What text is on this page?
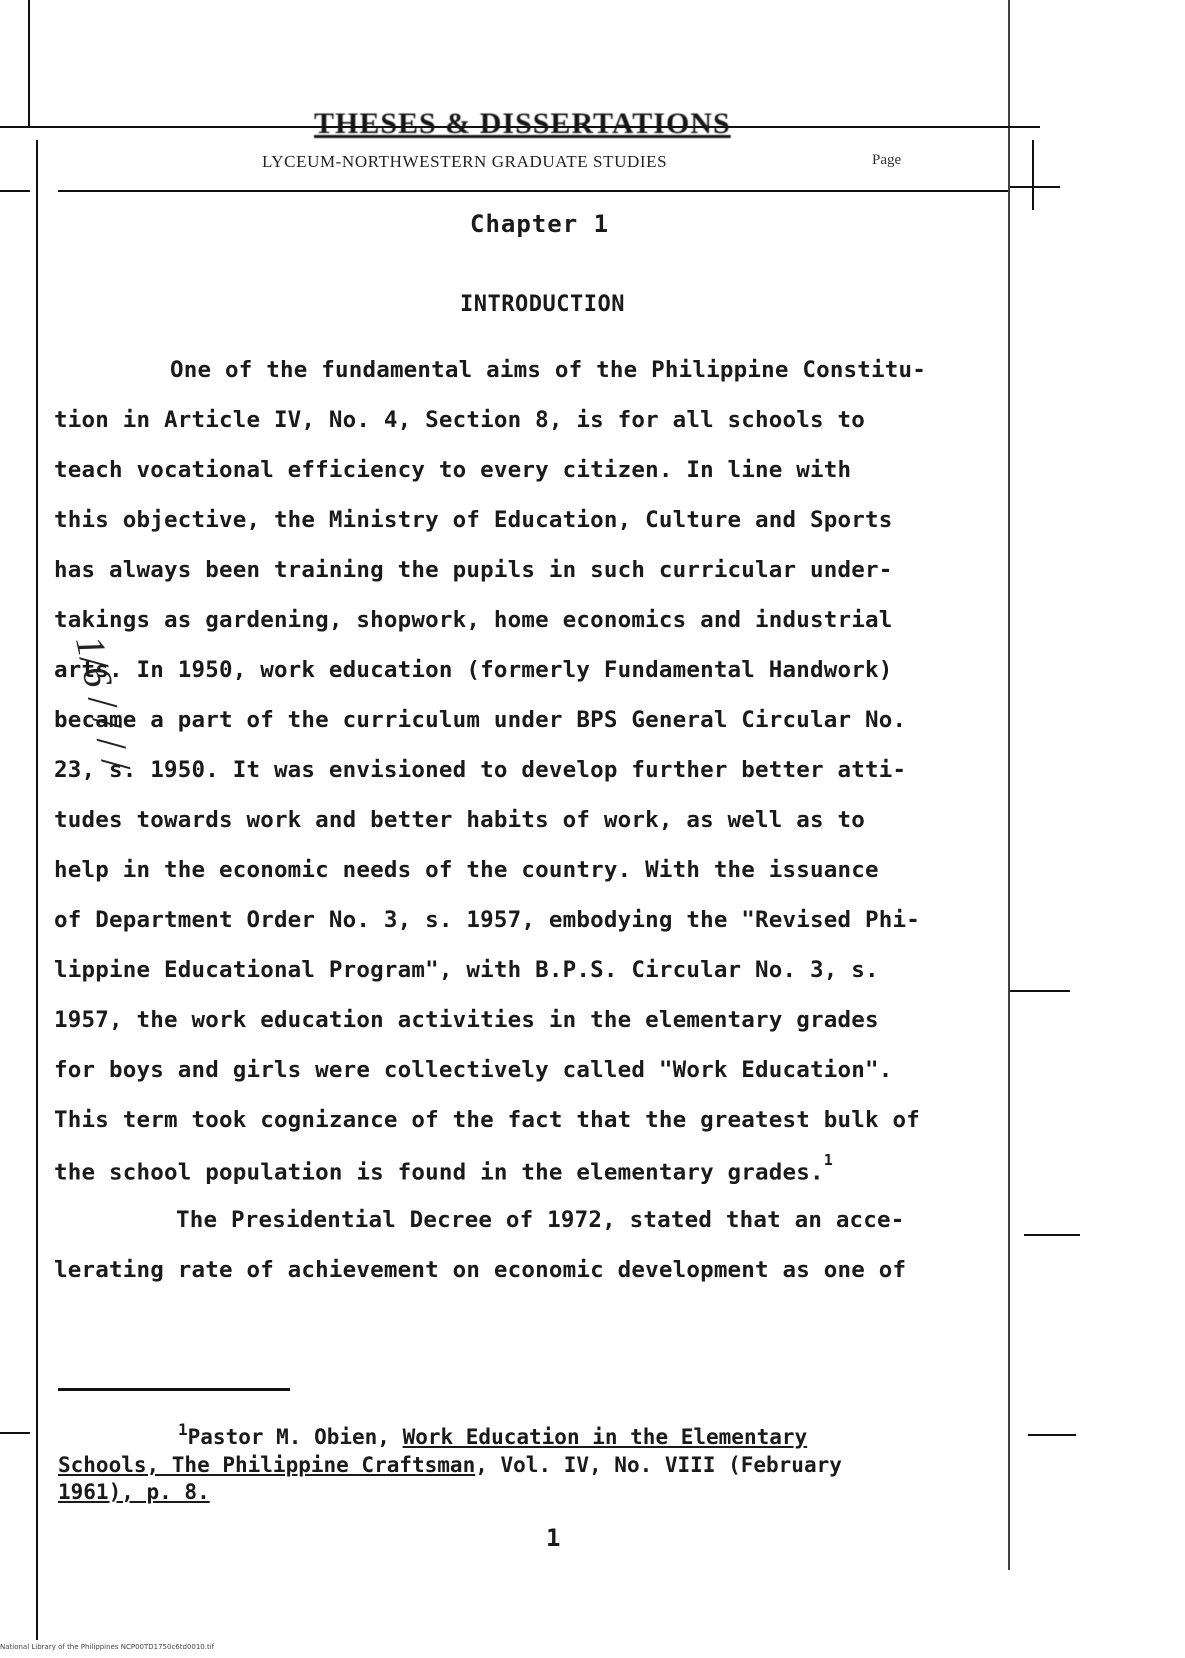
THESES & DISSERTATIONS
LYCEUM-NORTHWESTERN GRADUATE STUDIES	Page
1/6 / / / /
Chapter 1
INTRODUCTION
One of the fundamental aims of the Philippine Constitu-
tion in Article IV, No. 4, Section 8, is for all schools to
teach vocational efficiency to every citizen. In line with
this objective, the Ministry of Education, Culture and Sports
has always been training the pupils in such curricular under-
takings as gardening, shopwork, home economics and industrial
arts. In 1950, work education (formerly Fundamental Handwork)
became a part of the curriculum under BPS General Circular No.
23, s. 1950. It was envisioned to develop further better atti-
tudes towards work and better habits of work, as well as to
help in the economic needs of the country. With the issuance
of Department Order No. 3, s. 1957, embodying the "Revised Phi-
lippine Educational Program", with B.P.S. Circular No. 3, s.
1957, the work education activities in the elementary grades
for boys and girls were collectively called "Work Education".
This term took cognizance of the fact that the greatest bulk of
the school population is found in the elementary grades.$^1$
The Presidential Decree of 1972, stated that an acce-
lerating rate of achievement on economic development as one of
$^1$Pastor M. Obien, Work Education in the Elementary
Schools, The Philippine Craftsman, Vol. IV, No. VIII (February
1961), p. 8.
1
National Library of the Philippines NCP00TD1750c6td0010.tif
